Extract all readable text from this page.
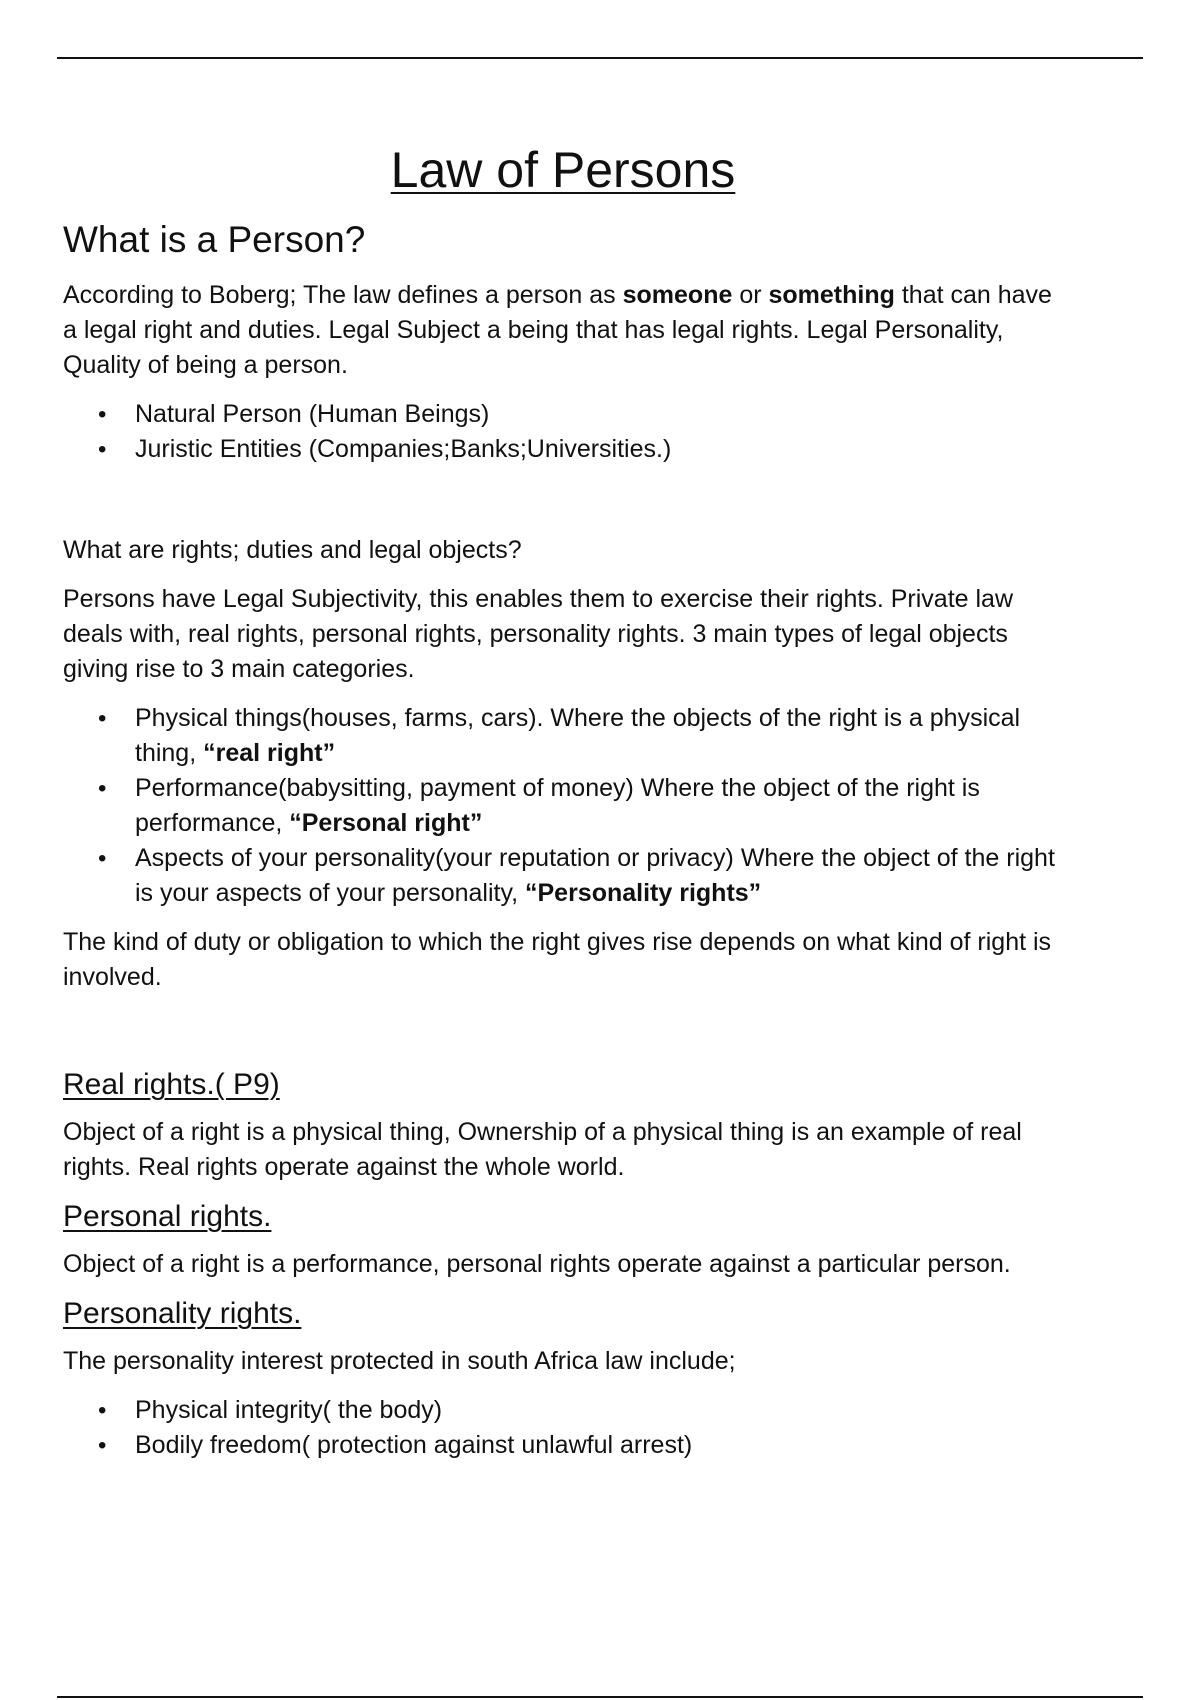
Law of Persons
What is a Person?

According to Boberg; The law defines a person as someone or something that can have a legal right and duties. Legal Subject a being that has legal rights. Legal Personality, Quality of being a person.

• Natural Person (Human Beings)
• Juristic Entities (Companies;Banks;Universities.)

What are rights; duties and legal objects?

Persons have Legal Subjectivity, this enables them to exercise their rights. Private law deals with, real rights, personal rights, personality rights. 3 main types of legal objects giving rise to 3 main categories.

• Physical things(houses, farms, cars). Where the objects of the right is a physical thing, “real right”
• Performance(babysitting, payment of money) Where the object of the right is performance, “Personal right”
• Aspects of your personality(your reputation or privacy) Where the object of the right is your aspects of your personality, “Personality rights”

The kind of duty or obligation to which the right gives rise depends on what kind of right is involved.

Real rights.( P9)

Object of a right is a physical thing, Ownership of a physical thing is an example of real rights. Real rights operate against the whole world.

Personal rights.

Object of a right is a performance, personal rights operate against a particular person.

Personality rights.

The personality interest protected in south Africa law include;

• Physical integrity( the body)
• Bodily freedom( protection against unlawful arrest)
